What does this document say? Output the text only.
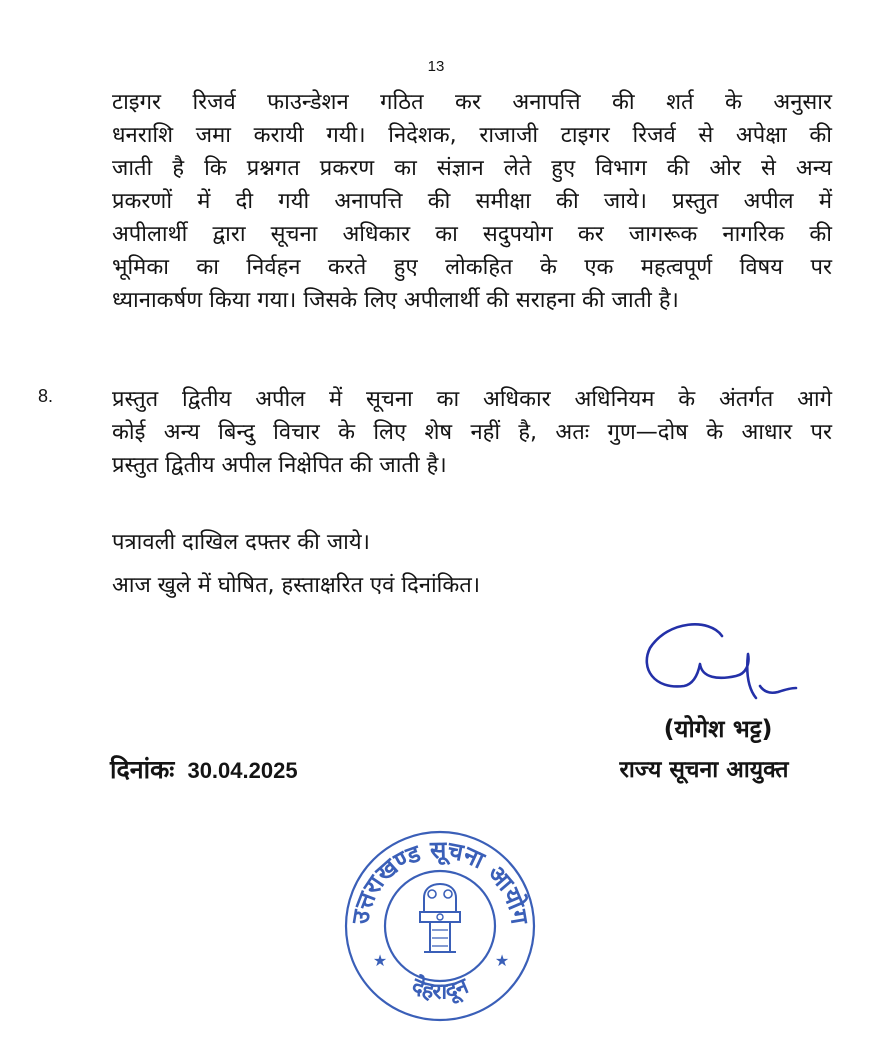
13
टाइगर रिजर्व फाउन्डेशन गठित कर अनापत्ति की शर्त के अनुसार
धनराशि जमा करायी गयी। निदेशक, राजाजी टाइगर रिजर्व से अपेक्षा की
जाती है कि प्रश्नगत प्रकरण का संज्ञान लेते हुए विभाग की ओर से अन्य
प्रकरणों में दी गयी अनापत्ति की समीक्षा की जाये। प्रस्तुत अपील में
अपीलार्थी द्वारा सूचना अधिकार का सदुपयोग कर जागरूक नागरिक की
भूमिका का निर्वहन करते हुए लोकहित के एक महत्वपूर्ण विषय पर
ध्यानाकर्षण किया गया। जिसके लिए अपीलार्थी की सराहना की जाती है।
8.	प्रस्तुत द्वितीय अपील में सूचना का अधिकार अधिनियम के अंतर्गत आगे
कोई अन्य बिन्दु विचार के लिए शेष नहीं है, अतः गुण—दोष के आधार पर
प्रस्तुत द्वितीय अपील निक्षेपित की जाती है।
पत्रावली दाखिल दफ्तर की जाये।
आज खुले में घोषित, हस्ताक्षरित एवं दिनांकित।
(योगेश भट्ट)
राज्य सूचना आयुक्त
दिनांकः 30.04.2025
उत्तराखण्ड सूचना आयोग
देहरादून
★	★
